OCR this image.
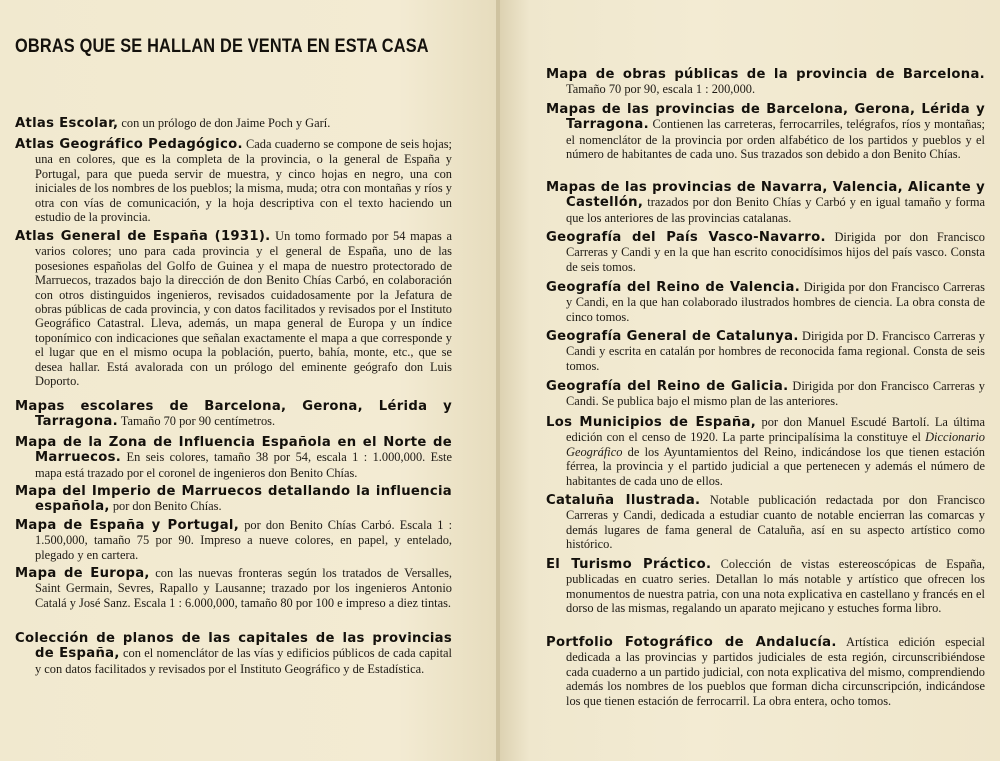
OBRAS QUE SE HALLAN DE VENTA EN ESTA CASA
Atlas Escolar, con un prólogo de don Jaime Poch y Garí.
Atlas Geográfico Pedagógico. Cada cuaderno se compone de seis hojas; una en colores, que es la completa de la provincia, o la general de España y Portugal, para que pueda servir de muestra, y cinco hojas en negro, una con iniciales de los nombres de los pueblos; la misma, muda; otra con montañas y ríos y otra con vías de comunicación, y la hoja descriptiva con el texto haciendo un estudio de la provincia.
Atlas General de España (1931). Un tomo formado por 54 mapas a varios colores; uno para cada provincia y el general de España, uno de las posesiones españolas del Golfo de Guinea y el mapa de nuestro protectorado de Marruecos, trazados bajo la dirección de don Benito Chías Carbó, en colaboración con otros distinguidos ingenieros, revisados cuidadosamente por la Jefatura de obras públicas de cada provincia, y con datos facilitados y revisados por el Instituto Geográfico Catastral. Lleva, además, un mapa general de Europa y un índice toponímico con indicaciones que señalan exactamente el mapa a que corresponde y el lugar que en el mismo ocupa la población, puerto, bahía, monte, etc., que se desea hallar. Está avalorada con un prólogo del eminente geógrafo don Luis Doporto.
Mapas escolares de Barcelona, Gerona, Lérida y Tarragona. Tamaño 70 por 90 centímetros.
Mapa de la Zona de Influencia Española en el Norte de Marruecos. En seis colores, tamaño 38 por 54, escala 1 : 1.000,000. Este mapa está trazado por el coronel de ingenieros don Benito Chías.
Mapa del Imperio de Marruecos detallando la influencia española, por don Benito Chías.
Mapa de España y Portugal, por don Benito Chías Carbó. Escala 1 : 1.500,000, tamaño 75 por 90. Impreso a nueve colores, en papel, y entelado, plegado y en cartera.
Mapa de Europa, con las nuevas fronteras según los tratados de Versalles, Saint Germain, Sevres, Rapallo y Lausanne; trazado por los ingenieros Antonio Catalá y José Sanz. Escala 1 : 6.000,000, tamaño 80 por 100 e impreso a diez tintas.
Colección de planos de las capitales de las provincias de España, con el nomenclátor de las vías y edificios públicos de cada capital y con datos facilitados y revisados por el Instituto Geográfico y de Estadística.
Mapa de obras públicas de la provincia de Barcelona. Tamaño 70 por 90, escala 1 : 200,000.
Mapas de las provincias de Barcelona, Gerona, Lérida y Tarragona. Contienen las carreteras, ferrocarriles, telégrafos, ríos y montañas; el nomenclátor de la provincia por orden alfabético de los partidos y pueblos y el número de habitantes de cada uno. Sus trazados son debido a don Benito Chías.
Mapas de las provincias de Navarra, Valencia, Alicante y Castellón, trazados por don Benito Chías y Carbó y en igual tamaño y forma que los anteriores de las provincias catalanas.
Geografía del País Vasco-Navarro. Dirigida por don Francisco Carreras y Candi y en la que han escrito conocidísimos hijos del país vasco. Consta de seis tomos.
Geografía del Reino de Valencia. Dirigida por don Francisco Carreras y Candi, en la que han colaborado ilustrados hombres de ciencia. La obra consta de cinco tomos.
Geografía General de Catalunya. Dirigida por D. Francisco Carreras y Candi y escrita en catalán por hombres de reconocida fama regional. Consta de seis tomos.
Geografía del Reino de Galicia. Dirigida por don Francisco Carreras y Candi. Se publica bajo el mismo plan de las anteriores.
Los Municipios de España, por don Manuel Escudé Bartolí. La última edición con el censo de 1920. La parte principalísima la constituye el Diccionario Geográfico de los Ayuntamientos del Reino, indicándose los que tienen estación férrea, la provincia y el partido judicial a que pertenecen y además el número de habitantes de cada uno de ellos.
Cataluña Ilustrada. Notable publicación redactada por don Francisco Carreras y Candi, dedicada a estudiar cuanto de notable encierran las comarcas y demás lugares de fama general de Cataluña, así en su aspecto artístico como histórico.
El Turismo Práctico. Colección de vistas estereoscópicas de España, publicadas en cuatro series. Detallan lo más notable y artístico que ofrecen los monumentos de nuestra patria, con una nota explicativa en castellano y francés en el dorso de las mismas, regalando un aparato mejicano y estuches forma libro.
Portfolio Fotográfico de Andalucía. Artística edición especial dedicada a las provincias y partidos judiciales de esta región, circunscribiéndose cada cuaderno a un partido judicial, con nota explicativa del mismo, comprendiendo además los nombres de los pueblos que forman dicha circunscripción, indicándose los que tienen estación de ferrocarril. La obra entera, ocho tomos.
